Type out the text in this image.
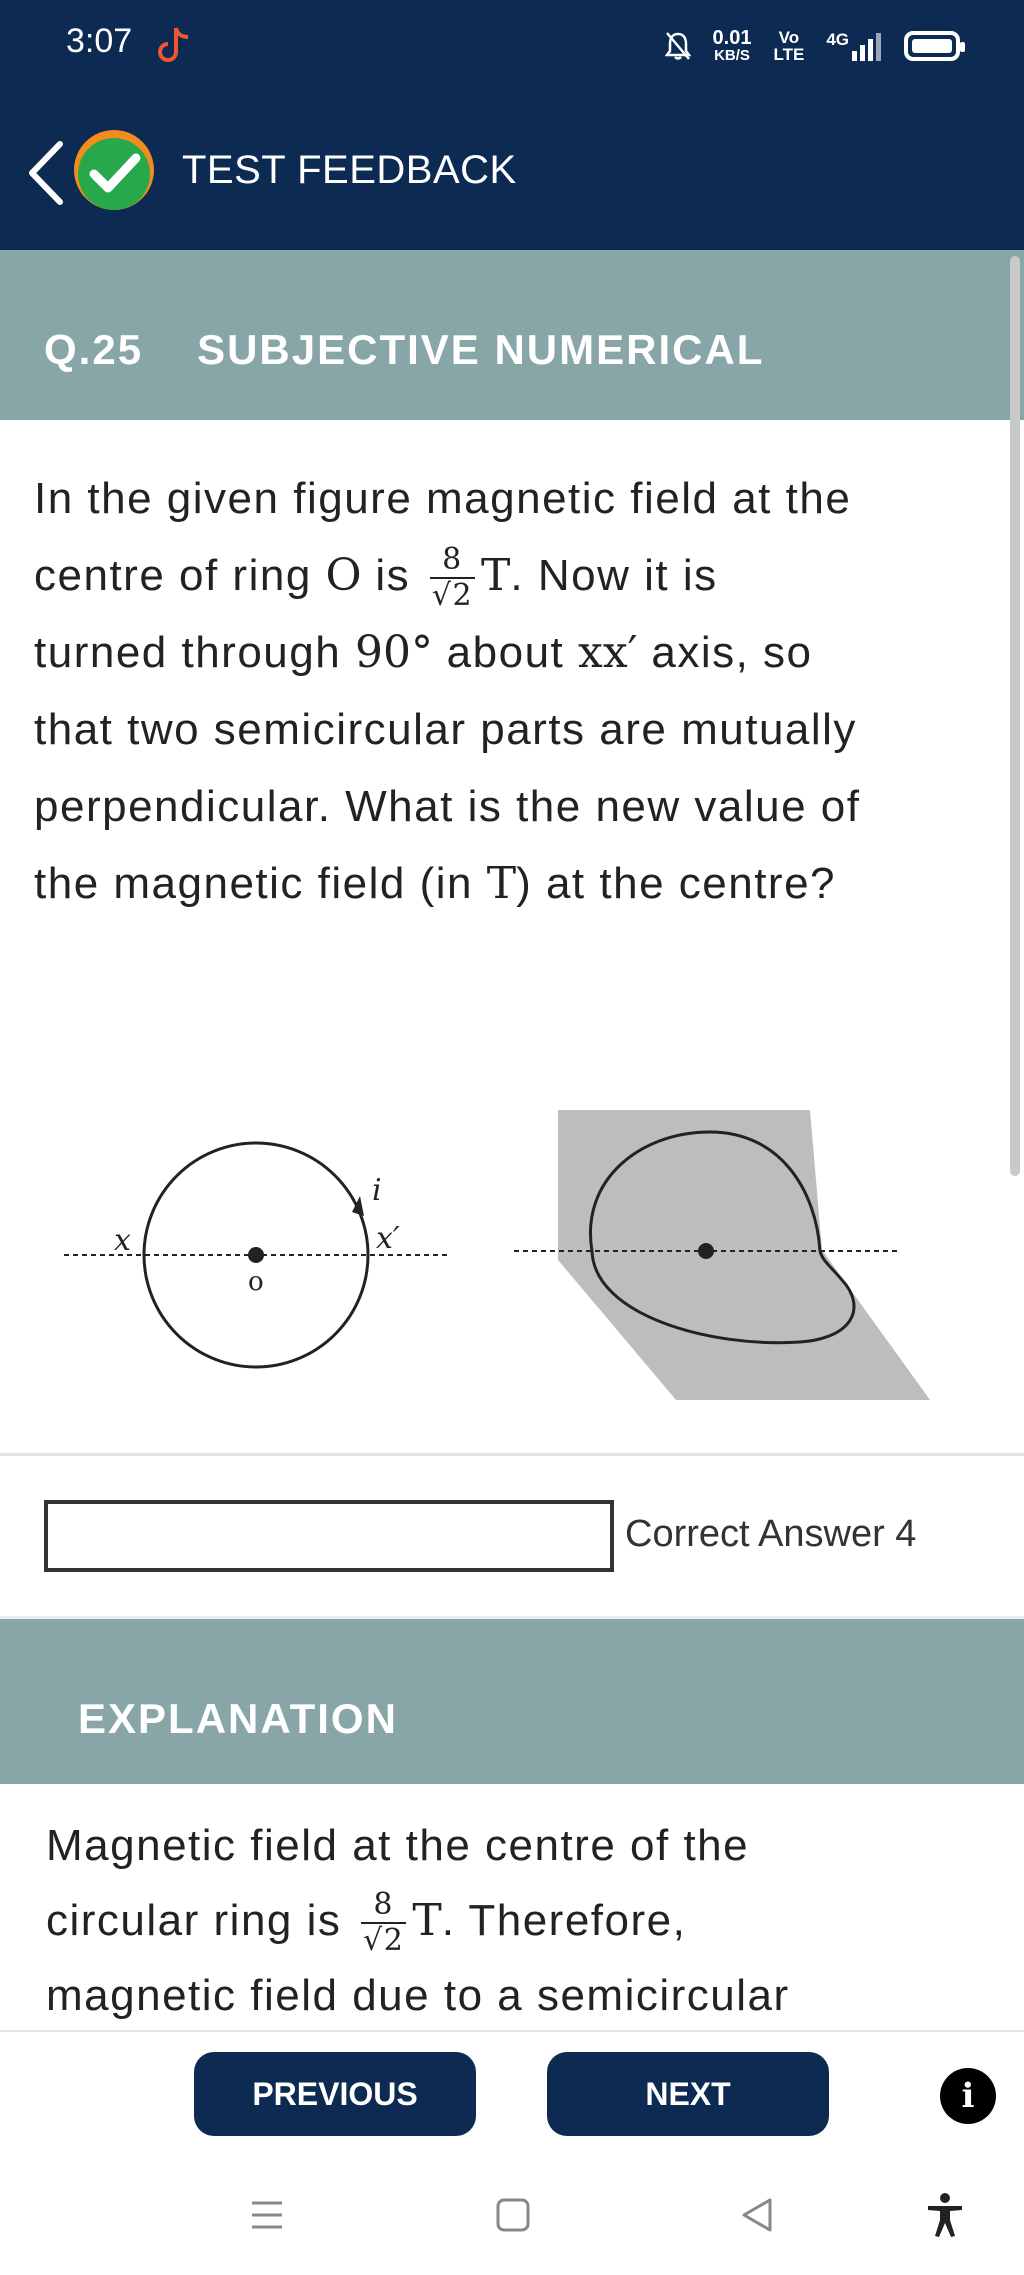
3:07	0.01
KB/S
Vo
LTE
4G
TEST FEEDBACK
Q.25 SUBJECTIVE NUMERICAL
In the given figure magnetic field at the
centre of ring O is $\frac{8}{√2} T$. Now it is
turned through 90° about xx′ axis, so
that two semicircular parts are mutually
perpendicular. What is the new value of
the magnetic field (in T) at the centre?
x	x′
i
o
Correct Answer 4
EXPLANATION
Magnetic field at the centre of the
circular ring is $\frac{8}{√2} T$. Therefore,
magnetic field due to a semicircular
PREVIOUS	NEXT	i
